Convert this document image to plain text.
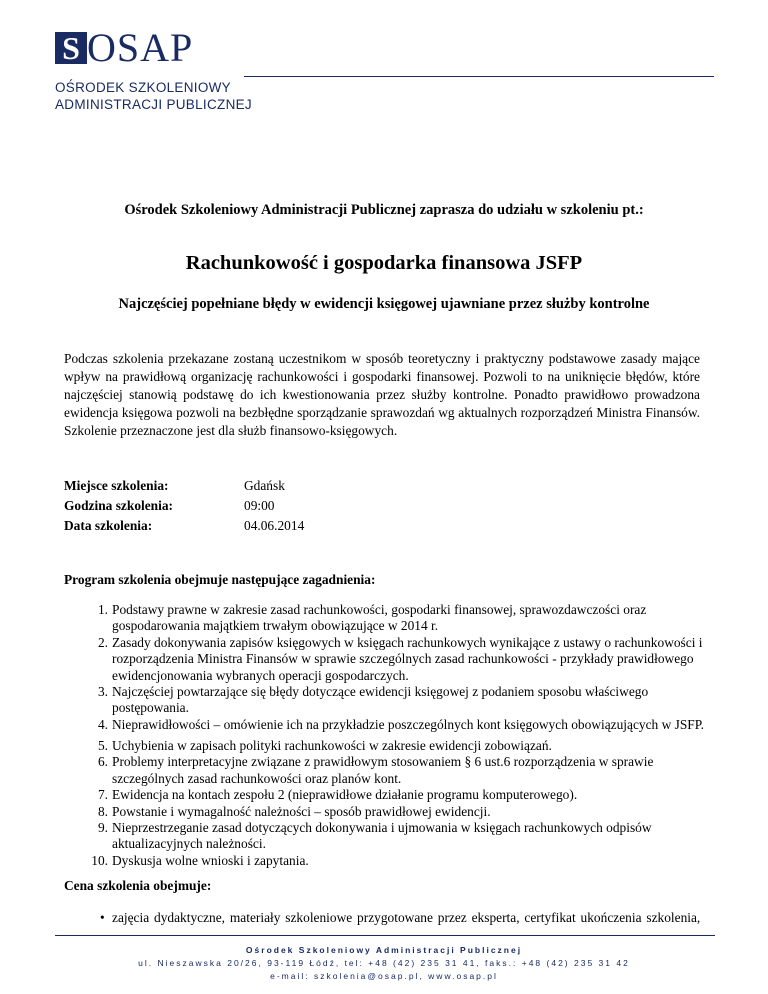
S OSAP
OŚRODEK SZKOLENIOWY
ADMINISTRACJI PUBLICZNEJ
Ośrodek Szkoleniowy Administracji Publicznej zaprasza do udziału w szkoleniu pt.:
Rachunkowość i gospodarka finansowa JSFP
Najczęściej popełniane błędy w ewidencji księgowej ujawniane przez służby kontrolne
Podczas szkolenia przekazane zostaną uczestnikom w sposób teoretyczny i praktyczny podstawowe zasady mające wpływ na prawidłową organizację rachunkowości i gospodarki finansowej. Pozwoli to na uniknięcie błędów, które najczęściej stanowią podstawę do ich kwestionowania przez służby kontrolne. Ponadto prawidłowo prowadzona ewidencja księgowa pozwoli na bezbłędne sporządzanie sprawozdań wg aktualnych rozporządzeń Ministra Finansów. Szkolenie przeznaczone jest dla służb finansowo-księgowych.
Miejsce szkolenia:	Gdańsk
Godzina szkolenia:	09:00
Data szkolenia:	04.06.2014
Program szkolenia obejmuje następujące zagadnienia:
1. Podstawy prawne w zakresie zasad rachunkowości, gospodarki finansowej, sprawozdawczości oraz gospodarowania majątkiem trwałym obowiązujące w 2014 r.
2. Zasady dokonywania zapisów księgowych w księgach rachunkowych wynikające z ustawy o rachunkowości i rozporządzenia Ministra Finansów w sprawie szczególnych zasad rachunkowości - przykłady prawidłowego ewidencjonowania wybranych operacji gospodarczych.
3. Najczęściej powtarzające się błędy dotyczące ewidencji księgowej z podaniem sposobu właściwego postępowania.
4. Nieprawidłowości – omówienie ich na przykładzie poszczególnych kont księgowych obowiązujących w JSFP.
5. Uchybienia w zapisach polityki rachunkowości w zakresie ewidencji zobowiązań.
6. Problemy interpretacyjne związane z prawidłowym stosowaniem § 6 ust.6 rozporządzenia w sprawie szczególnych zasad rachunkowości oraz planów kont.
7. Ewidencja na kontach zespołu 2 (nieprawidłowe działanie programu komputerowego).
8. Powstanie i wymagalność należności – sposób prawidłowej ewidencji.
9. Nieprzestrzeganie zasad dotyczących dokonywania i ujmowania w księgach rachunkowych odpisów aktualizacyjnych należności.
10. Dyskusja wolne wnioski i zapytania.
Cena szkolenia obejmuje:
• zajęcia dydaktyczne, materiały szkoleniowe przygotowane przez eksperta, certyfikat ukończenia szkolenia,
Ośrodek Szkoleniowy Administracji Publicznej
ul. Nieszawska 20/26, 93-119 Łódź, tel: +48 (42) 235 31 41, faks.: +48 (42) 235 31 42
e-mail: szkolenia@osap.pl, www.osap.pl
